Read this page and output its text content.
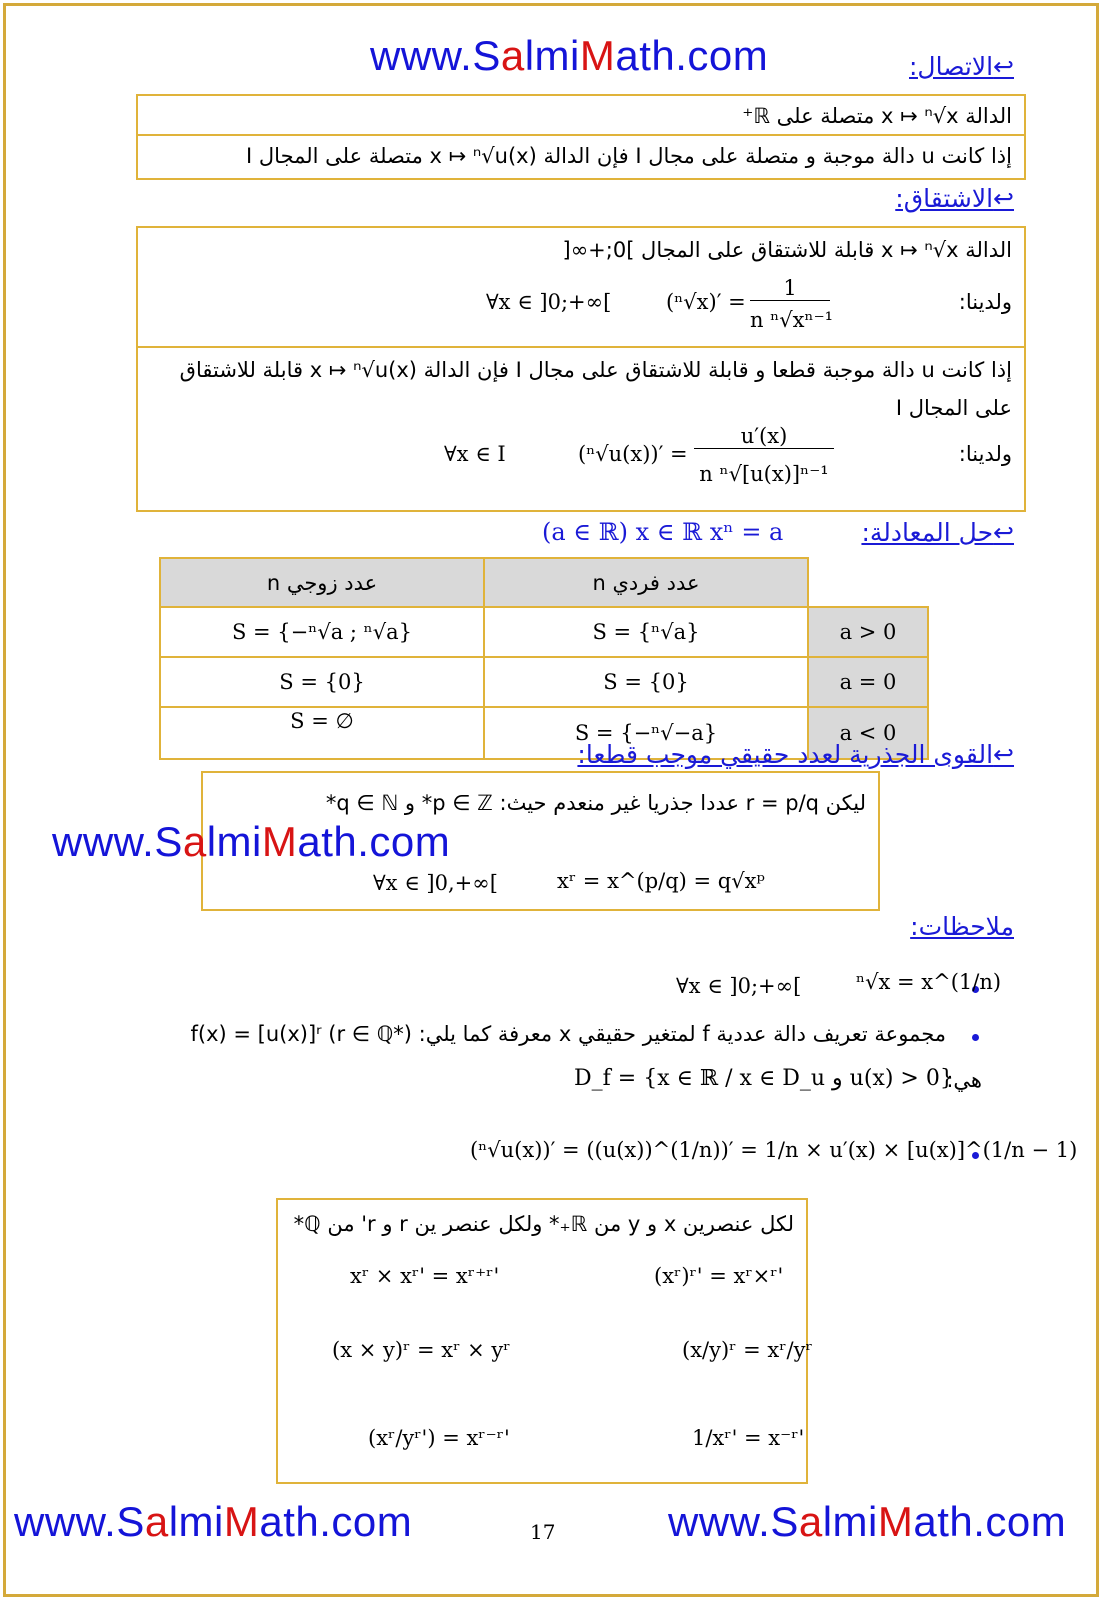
www.SalmiMath.com	↩الاتصال:
الدالة x ↦ ⁿ√x متصلة على ℝ⁺
إذا كانت u دالة موجبة و متصلة على مجال I فإن الدالة x ↦ ⁿ√u(x) متصلة على المجال I
↩الاشتقاق:
الدالة x ↦ ⁿ√x قابلة للاشتقاق على المجال ]0;+∞[
ولدينا:
(ⁿ√x)′ =
1
n ⁿ√xⁿ⁻¹
∀x ∈ ]0;+∞[
إذا كانت u دالة موجبة قطعا و قابلة للاشتقاق على مجال I فإن الدالة x ↦ ⁿ√u(x) قابلة للاشتقاق
على المجال I
ولدينا:
(ⁿ√u(x))′ =
u′(x)
n ⁿ√[u(x)]ⁿ⁻¹
∀x ∈ I
↩حل المعادلة:
(a ∈ ℝ) x ∈ ℝ xⁿ = a
n عدد زوجي	n عدد فردي	
S = {−ⁿ√a ; ⁿ√a}	S = {ⁿ√a}	a > 0
S = {0}	S = {0}	a = 0
S = ∅	S = {−ⁿ√−a}	a < 0
↩القوى الجذرية لعدد حقيقي موجب قطعا:
ليكن r = p/q عددا جذريا غير منعدم حيث: p ∈ ℤ* و q ∈ ℕ*
xʳ = x^(p/q) = q√xᵖ
∀x ∈ ]0,+∞[
www.SalmiMath.com
ملاحظات:
ⁿ√x = x^(1/n)
∀x ∈ ]0;+∞[
مجموعة تعريف دالة عددية f لمتغير حقيقي x معرفة كما يلي: f(x) = [u(x)]ʳ (r ∈ ℚ*)
هي:
D_f = {x ∈ ℝ / x ∈ D_u و u(x) > 0}
(ⁿ√u(x))′ = ((u(x))^(1/n))′ = 1/n × u′(x) × [u(x)]^(1/n − 1)
لكل عنصرين x و y من ℝ₊* ولكل عنصر ين r و r' من ℚ*
(xʳ)ʳ' = xʳ×ʳ'
xʳ × xʳ' = xʳ⁺ʳ'
(x/y)ʳ = xʳ/yʳ
(x × y)ʳ = xʳ × yʳ
1/xʳ' = x⁻ʳ'
(xʳ/yʳ') = xʳ⁻ʳ'
www.SalmiMath.com	17	www.SalmiMath.com
